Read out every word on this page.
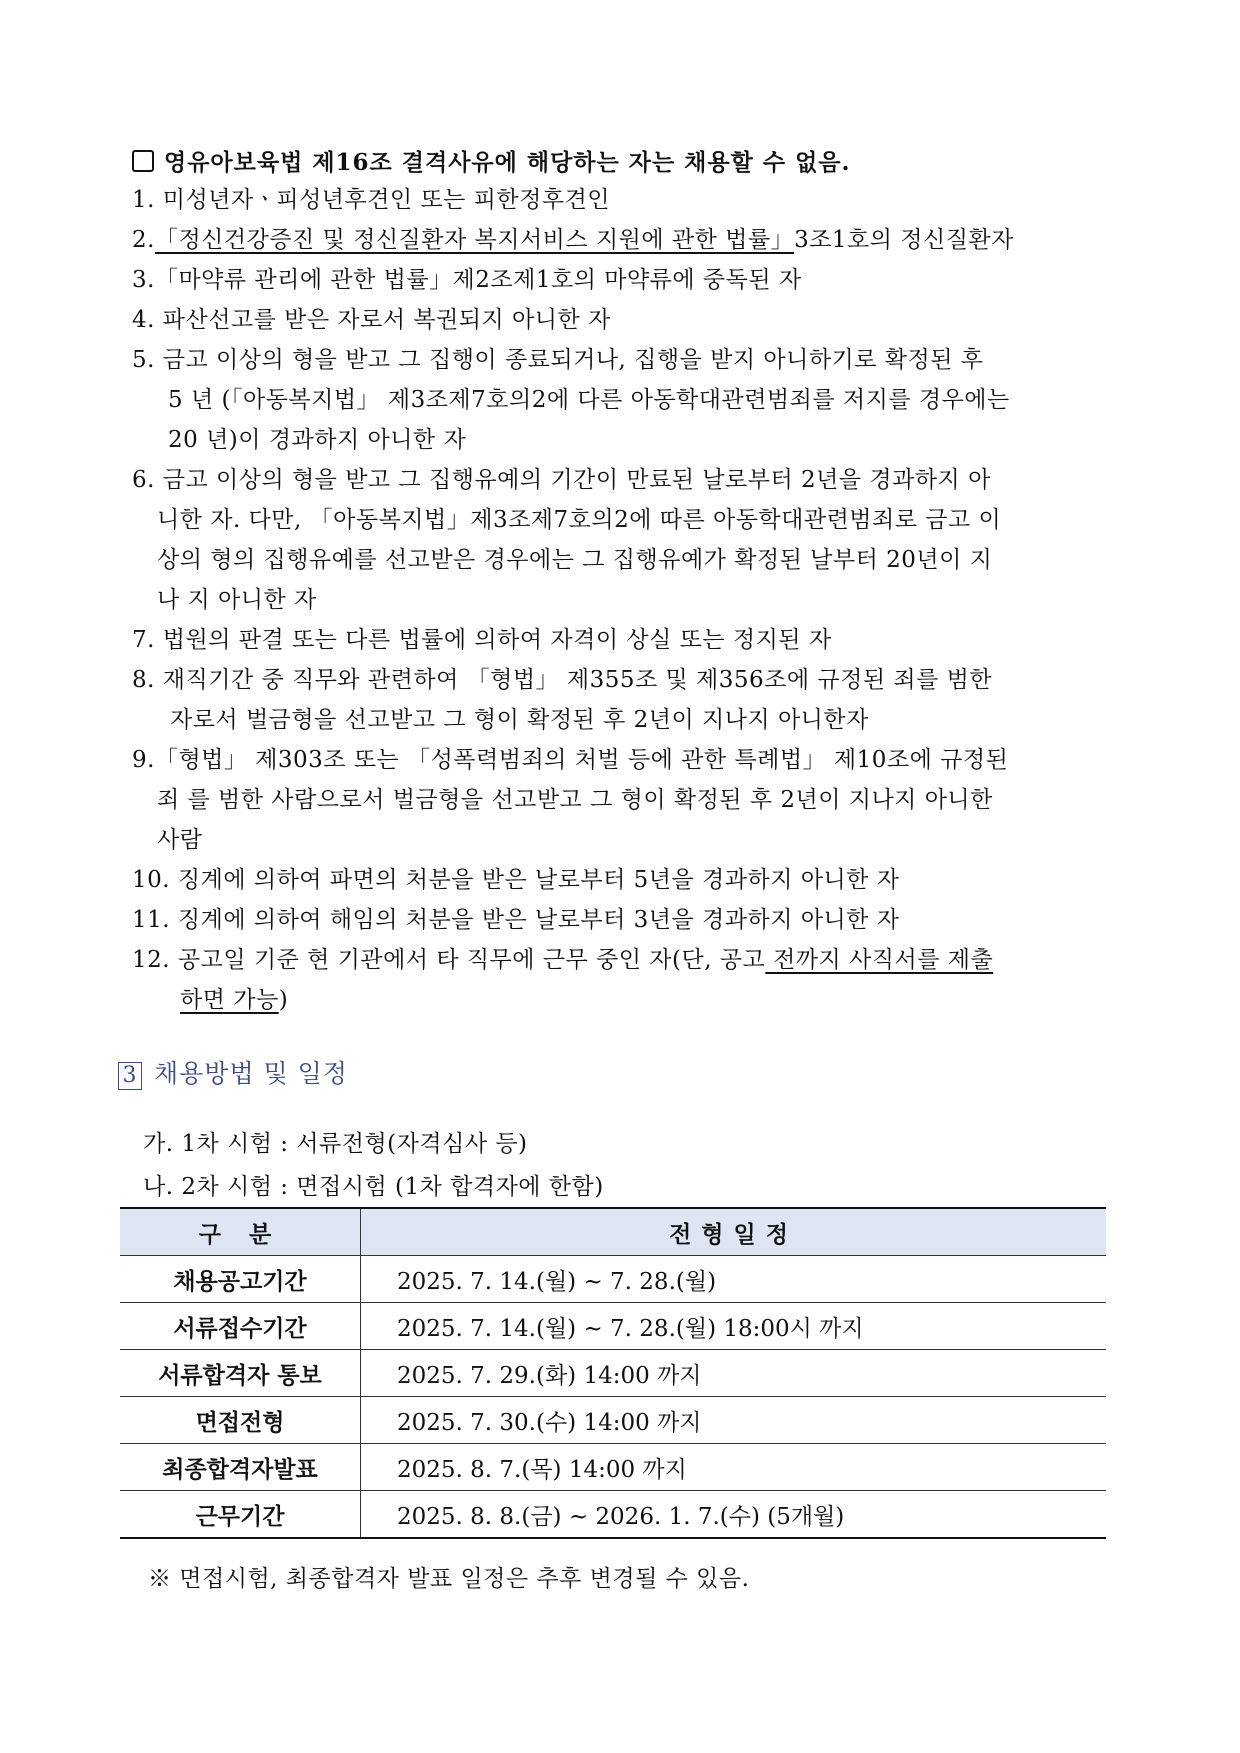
영유아보육법 제16조 결격사유에 해당하는 자는 채용할 수 없음.
1. 미성년자ㆍ피성년후견인 또는 피한정후견인
2.「정신건강증진 및 정신질환자 복지서비스 지원에 관한 법률」3조1호의 정신질환자
3.「마약류 관리에 관한 법률」제2조제1호의 마약류에 중독된 자
4. 파산선고를 받은 자로서 복권되지 아니한 자
5. 금고 이상의 형을 받고 그 집행이 종료되거나, 집행을 받지 아니하기로 확정된 후
5 년 (「아동복지법」 제3조제7호의2에 다른 아동학대관련범죄를 저지를 경우에는
20 년)이 경과하지 아니한 자
6. 금고 이상의 형을 받고 그 집행유예의 기간이 만료된 날로부터 2년을 경과하지 아
니한 자. 다만, 「아동복지법」제3조제7호의2에 따른 아동학대관련범죄로 금고 이
상의 형의 집행유예를 선고받은 경우에는 그 집행유예가 확정된 날부터 20년이 지
나 지 아니한 자
7. 법원의 판결 또는 다른 법률에 의하여 자격이 상실 또는 정지된 자
8. 재직기간 중 직무와 관련하여 「형법」 제355조 및 제356조에 규정된 죄를 범한
자로서 벌금형을 선고받고 그 형이 확정된 후 2년이 지나지 아니한자
9.「형법」 제303조 또는 「성폭력범죄의 처벌 등에 관한 특례법」 제10조에 규정된
죄 를 범한 사람으로서 벌금형을 선고받고 그 형이 확정된 후 2년이 지나지 아니한
사람
10. 징계에 의하여 파면의 처분을 받은 날로부터 5년을 경과하지 아니한 자
11. 징계에 의하여 해임의 처분을 받은 날로부터 3년을 경과하지 아니한 자
12. 공고일 기준 현 기관에서 타 직무에 근무 중인 자(단, 공고 전까지 사직서를 제출
하면 가능)
3 채용방법 및 일정
가. 1차 시험 : 서류전형(자격심사 등)
나. 2차 시험 : 면접시험 (1차 합격자에 한함)
구 분	전형일정
채용공고기간	2025. 7. 14.(월) ~ 7. 28.(월)
서류접수기간	2025. 7. 14.(월) ~ 7. 28.(월) 18:00시 까지
서류합격자 통보	2025. 7. 29.(화) 14:00 까지
면접전형	2025. 7. 30.(수) 14:00 까지
최종합격자발표	2025. 8. 7.(목) 14:00 까지
근무기간	2025. 8. 8.(금) ~ 2026. 1. 7.(수) (5개월)
※ 면접시험, 최종합격자 발표 일정은 추후 변경될 수 있음.
